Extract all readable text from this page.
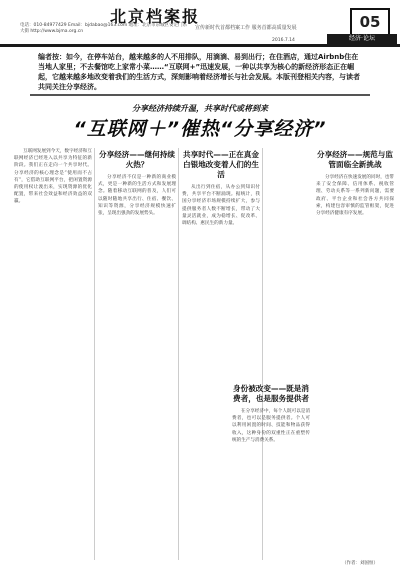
北京档案报
电话：010-84977429 Email：bjdabao@163.com 地址：北京市东城区安定门东大街 http://www.bjma.org.cn
宣传新时代首都档案工作 服务首都高质量发展
2016.7.14
05
经济·论坛
编者按：如今，在停车站台，越来越多的人不用排队，用滴滴、易到出行；在住酒店，通过Airbnb住在当地人家里；不去餐馆吃上家常小菜……“互联网+”迅速发展，一种以共享为核心的新经济形态正在崛起，它越来越多地改变着我们的生活方式，深刻影响着经济增长与社会发展。本版刊登相关内容，与读者共同关注分享经济。
分享经济持续升温，共享时代或将到来
“互联网＋”催热“分享经济”

互联网发展到今天，数字经济和互联网经济已经进入以共享为特征的新阶段。我们正在走向一个共享时代。分享经济的核心理念是“使用而不占有”，它借助互联网平台，把闲置资源的使用权让渡出来，实现资源的优化配置，带来社会效益和经济效益的双赢。

分享经济——继何持续火热？

分享经济不仅是一种新的商业模式，更是一种新的生活方式和发展理念。随着移动互联网的普及，人们可以随时随地共享出行、住宿、餐饮、知识等资源，分享经济规模快速扩张，呈现出强劲的发展势头。

共享时代——正在真金白银地改变着人们的生活

从出行到住宿，从办公到知识付费，共享平台不断涌现。据统计，我国分享经济市场规模持续扩大，参与提供服务者人数不断增长，带动了大量灵活就业，成为稳增长、促改革、调结构、惠民生的新力量。

身份被改变——既是消费者，也是服务提供者

在分享经济中，每个人既可以是消费者，也可以是服务提供者。个人可以利用闲置的时间、技能和物品获得收入，这种身份的双重性正在重塑传统的生产与消费关系。

分享经济——规范与监管面临全新挑战

分享经济在快速发展的同时，也带来了安全保障、信用体系、税收管理、劳动关系等一系列新问题，需要政府、平台企业和社会各方共同探索，构建包容审慎的监管框架，促进分享经济健康有序发展。

（作者：刘国恒）
